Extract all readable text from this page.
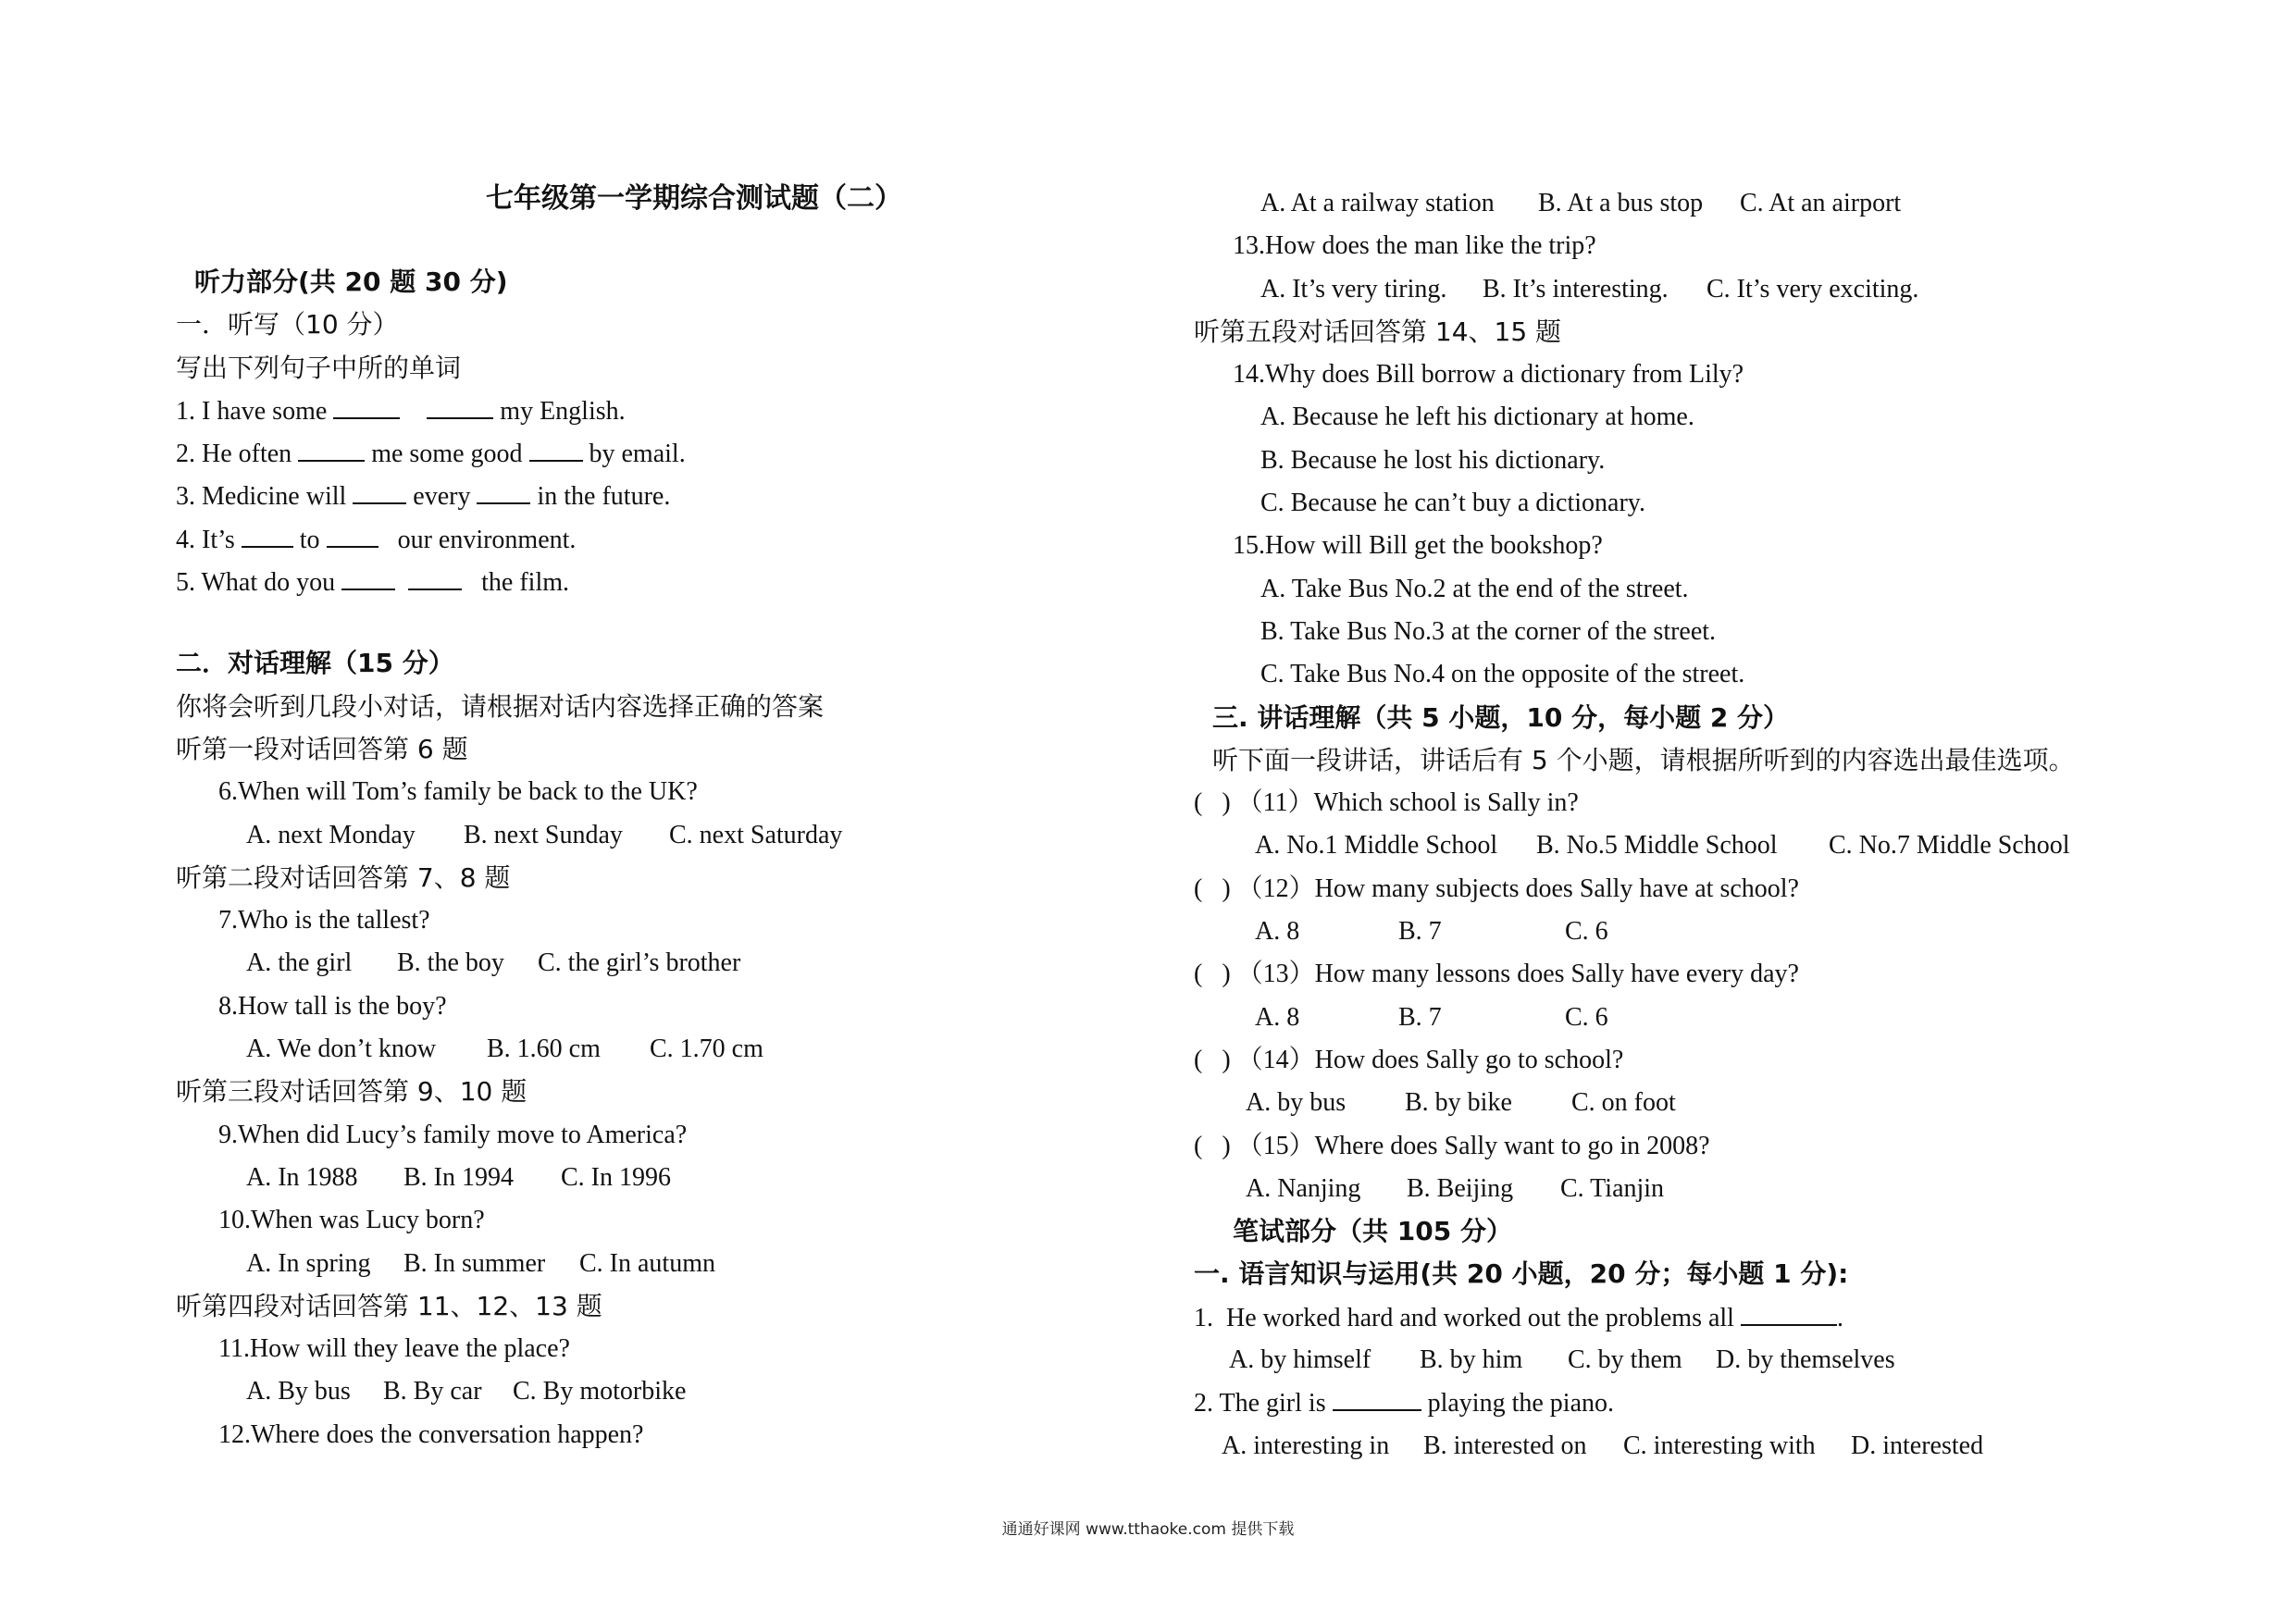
七年级第一学期综合测试题（二）
听力部分(共 20 题 30 分)
一．听写（10 分）
写出下列句子中所的单词
1. I have some	my English.
2. He often	me some good  by email.
3. Medicine will  every  in the future.
4. It’s  to    our environment.
5. What do you	the film.
二．对话理解（15 分）
你将会听到几段小对话，请根据对话内容选择正确的答案
听第一段对话回答第 6 题
6.When will Tom’s family be back to the UK?
A. next Monday B. next Sunday C. next Saturday
听第二段对话回答第 7、8 题
7.Who is the tallest?
A. the girl B. the boy C. the girl’s brother
8.How tall is the boy?
A. We don’t know B. 1.60 cm C. 1.70 cm
听第三段对话回答第 9、10 题
9.When did Lucy’s family move to America?
A. In 1988 B. In 1994 C. In 1996
10.When was Lucy born?
A. In spring B. In summer C. In autumn
听第四段对话回答第 11、12、13 题
11.How will they leave the place?
A. By bus B. By car C. By motorbike
12.Where does the conversation happen?
A. At a railway station B. At a bus stop C. At an airport
13.How does the man like the trip?
A. It’s very tiring. B. It’s interesting. C. It’s very exciting.
听第五段对话回答第 14、15 题
14.Why does Bill borrow a dictionary from Lily?
A. Because he left his dictionary at home.
B. Because he lost his dictionary.
C. Because he can’t buy a dictionary.
15.How will Bill get the bookshop?
A. Take Bus No.2 at the end of the street.
B. Take Bus No.3 at the corner of the street.
C. Take Bus No.4 on the opposite of the street.
三. 讲话理解（共 5 小题，10 分，每小题 2 分）
听下面一段讲话，讲话后有 5 个小题，请根据所听到的内容选出最佳选项。
(   ) （11）Which school is Sally in?
A. No.1 Middle School B. No.5 Middle School C. No.7 Middle School
(   ) （12）How many subjects does Sally have at school?
A. 8	B. 7	C. 6
(   ) （13）How many lessons does Sally have every day?
A. 8	B. 7	C. 6
(   ) （14）How does Sally go to school?
A. by bus B. by bike C. on foot
(   ) （15）Where does Sally want to go in 2008?
A. Nanjing B. Beijing C. Tianjin
笔试部分（共 105 分）
一. 语言知识与运用(共 20 小题，20 分；每小题 1 分):
1.  He worked hard and worked out the problems all	.
A. by himself B. by him C. by them D. by themselves
2. The girl is	playing the piano.
A. interesting in B. interested on C. interesting with D. interested
通通好课网 www.tthaoke.com 提供下载
